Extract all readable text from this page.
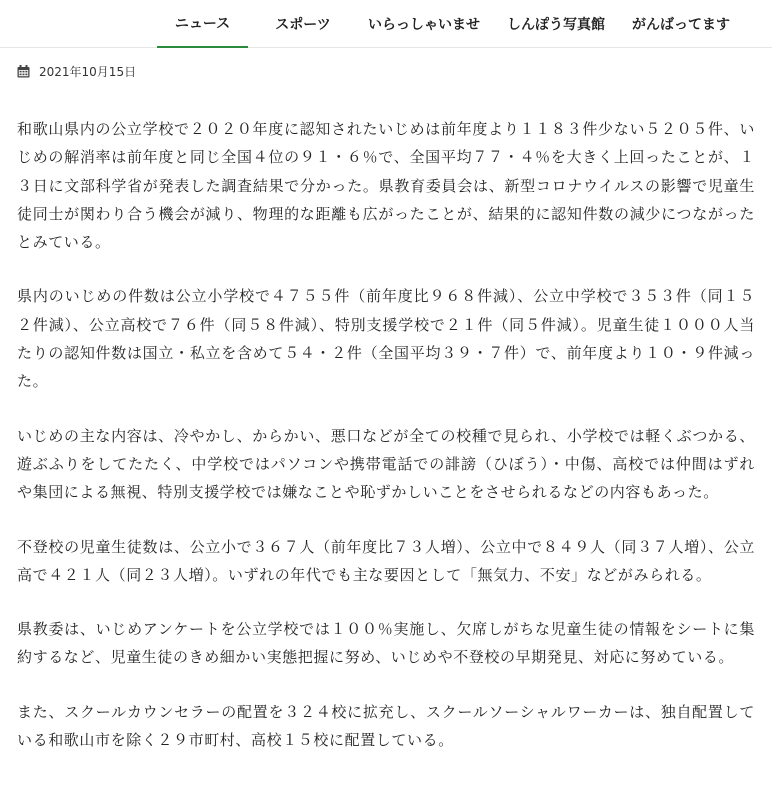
ニュース	スポーツ	いらっしゃいませ しんぽう写真館 がんばってます
2021年10月15日

和歌山県内の公立学校で２０２０年度に認知されたいじめは前年度より１１８３件少ない５２０５件、いじめの解消率は前年度と同じ全国４位の９１・６％で、全国平均７７・４％を大きく上回ったことが、１３日に文部科学省が発表した調査結果で分かった。県教育委員会は、新型コロナウイルスの影響で児童生徒同士が関わり合う機会が減り、物理的な距離も広がったことが、結果的に認知件数の減少につながったとみている。

県内のいじめの件数は公立小学校で４７５５件（前年度比９６８件減）、公立中学校で３５３件（同１５２件減）、公立高校で７６件（同５８件減）、特別支援学校で２１件（同５件減）。児童生徒１０００人当たりの認知件数は国立・私立を含めて５４・２件（全国平均３９・７件）で、前年度より１０・９件減った。

いじめの主な内容は、冷やかし、からかい、悪口などが全ての校種で見られ、小学校では軽くぶつかる、遊ぶふりをしてたたく、中学校ではパソコンや携帯電話での誹謗（ひぼう）・中傷、高校では仲間はずれや集団による無視、特別支援学校では嫌なことや恥ずかしいことをさせられるなどの内容もあった。

不登校の児童生徒数は、公立小で３６７人（前年度比７３人増）、公立中で８４９人（同３７人増）、公立高で４２１人（同２３人増）。いずれの年代でも主な要因として「無気力、不安」などがみられる。

県教委は、いじめアンケートを公立学校では１００％実施し、欠席しがちな児童生徒の情報をシートに集約するなど、児童生徒のきめ細かい実態把握に努め、いじめや不登校の早期発見、対応に努めている。

また、スクールカウンセラーの配置を３２４校に拡充し、スクールソーシャルワーカーは、独自配置している和歌山市を除く２９市町村、高校１５校に配置している。
